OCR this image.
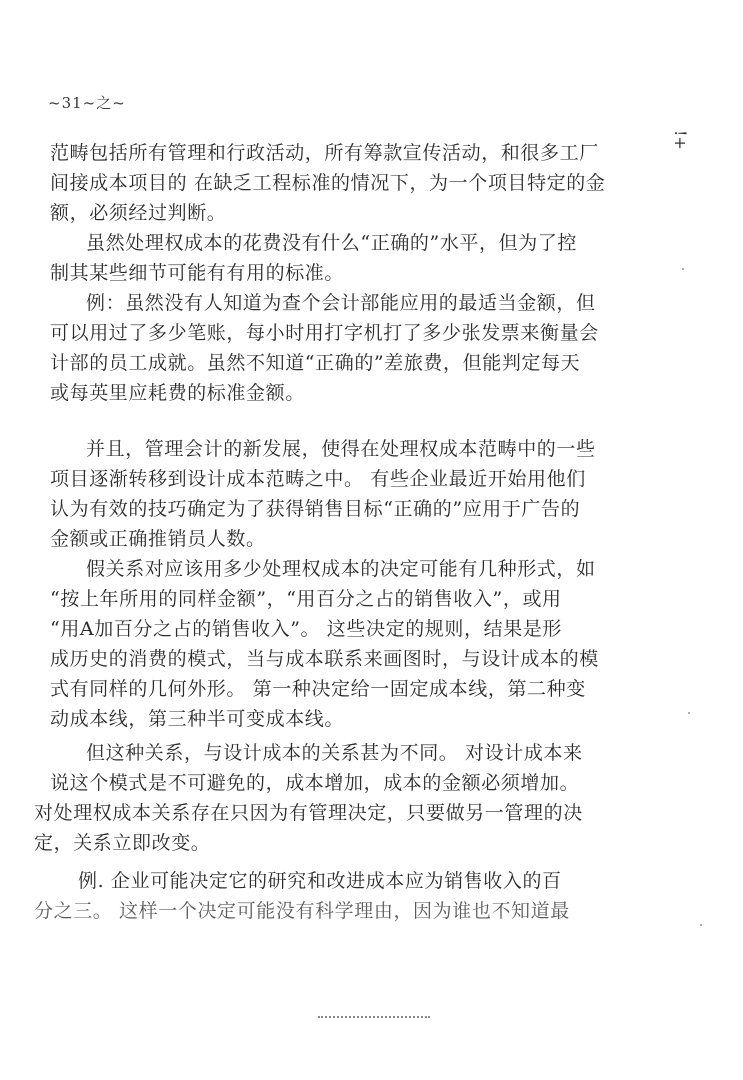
~31~之~
!+
范畴包括所有管理和行政活动，所有筹款宣传活动，和很多工厂
间接成本项目的 在缺乏工程标准的情况下，为一个项目特定的金
额，必须经过判断。
虽然处理权成本的花费没有什么“正确的”水平，但为了控
制其某些细节可能有有用的标准。
例：虽然没有人知道为查个会计部能应用的最适当金额，但
可以用过了多少笔账，每小时用打字机打了多少张发票来衡量会
计部的员工成就。虽然不知道“正确的”差旅费，但能判定每天
或每英里应耗费的标准金额。
并且，管理会计的新发展，使得在处理权成本范畴中的一些
项目逐渐转移到设计成本范畴之中。 有些企业最近开始用他们
认为有效的技巧确定为了获得销售目标“正确的”应用于广告的
金额或正确推销员人数。
假关系对应该用多少处理权成本的决定可能有几种形式，如
“按上年所用的同样金额”，“用百分之占的销售收入”，或用
“用A加百分之占的销售收入”。 这些决定的规则，结果是形
成历史的消费的模式，当与成本联系来画图时，与设计成本的模
式有同样的几何外形。 第一种决定给一固定成本线，第二种变
动成本线，第三种半可变成本线。
但这种关系，与设计成本的关系甚为不同。 对设计成本来
说这个模式是不可避免的，成本增加，成本的金额必须增加。
对处理权成本关系存在只因为有管理决定，只要做另一管理的决
定，关系立即改变。
例. 企业可能决定它的研究和改进成本应为销售收入的百
分之三。 这样一个决定可能没有科学理由，因为谁也不知道最
